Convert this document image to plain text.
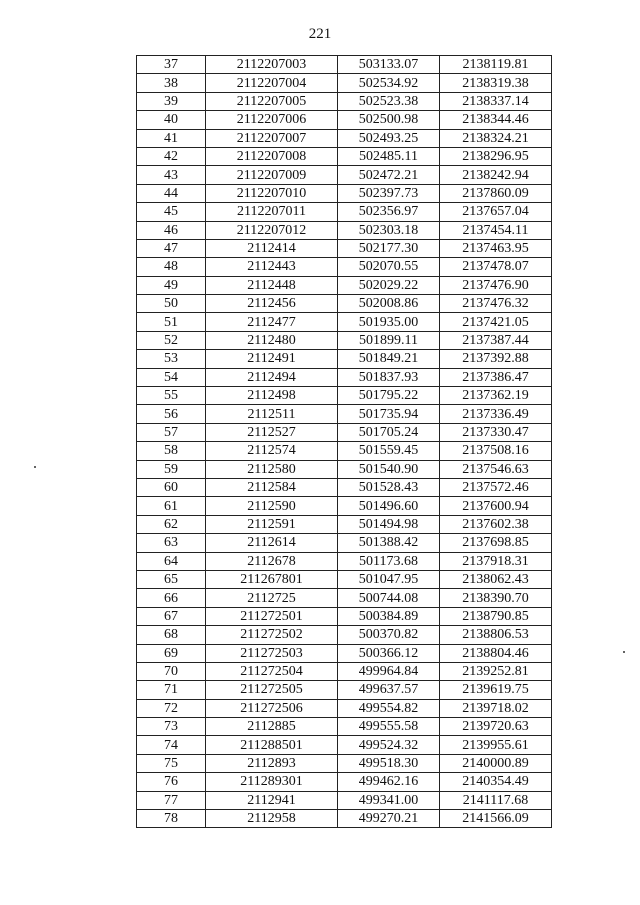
221
37	2112207003	503133.07	2138119.81
38	2112207004	502534.92	2138319.38
39	2112207005	502523.38	2138337.14
40	2112207006	502500.98	2138344.46
41	2112207007	502493.25	2138324.21
42	2112207008	502485.11	2138296.95
43	2112207009	502472.21	2138242.94
44	2112207010	502397.73	2137860.09
45	2112207011	502356.97	2137657.04
46	2112207012	502303.18	2137454.11
47	2112414	502177.30	2137463.95
48	2112443	502070.55	2137478.07
49	2112448	502029.22	2137476.90
50	2112456	502008.86	2137476.32
51	2112477	501935.00	2137421.05
52	2112480	501899.11	2137387.44
53	2112491	501849.21	2137392.88
54	2112494	501837.93	2137386.47
55	2112498	501795.22	2137362.19
56	2112511	501735.94	2137336.49
57	2112527	501705.24	2137330.47
58	2112574	501559.45	2137508.16
59	2112580	501540.90	2137546.63
60	2112584	501528.43	2137572.46
61	2112590	501496.60	2137600.94
62	2112591	501494.98	2137602.38
63	2112614	501388.42	2137698.85
64	2112678	501173.68	2137918.31
65	211267801	501047.95	2138062.43
66	2112725	500744.08	2138390.70
67	211272501	500384.89	2138790.85
68	211272502	500370.82	2138806.53
69	211272503	500366.12	2138804.46
70	211272504	499964.84	2139252.81
71	211272505	499637.57	2139619.75
72	211272506	499554.82	2139718.02
73	2112885	499555.58	2139720.63
74	211288501	499524.32	2139955.61
75	2112893	499518.30	2140000.89
76	211289301	499462.16	2140354.49
77	2112941	499341.00	2141117.68
78	2112958	499270.21	2141566.09
